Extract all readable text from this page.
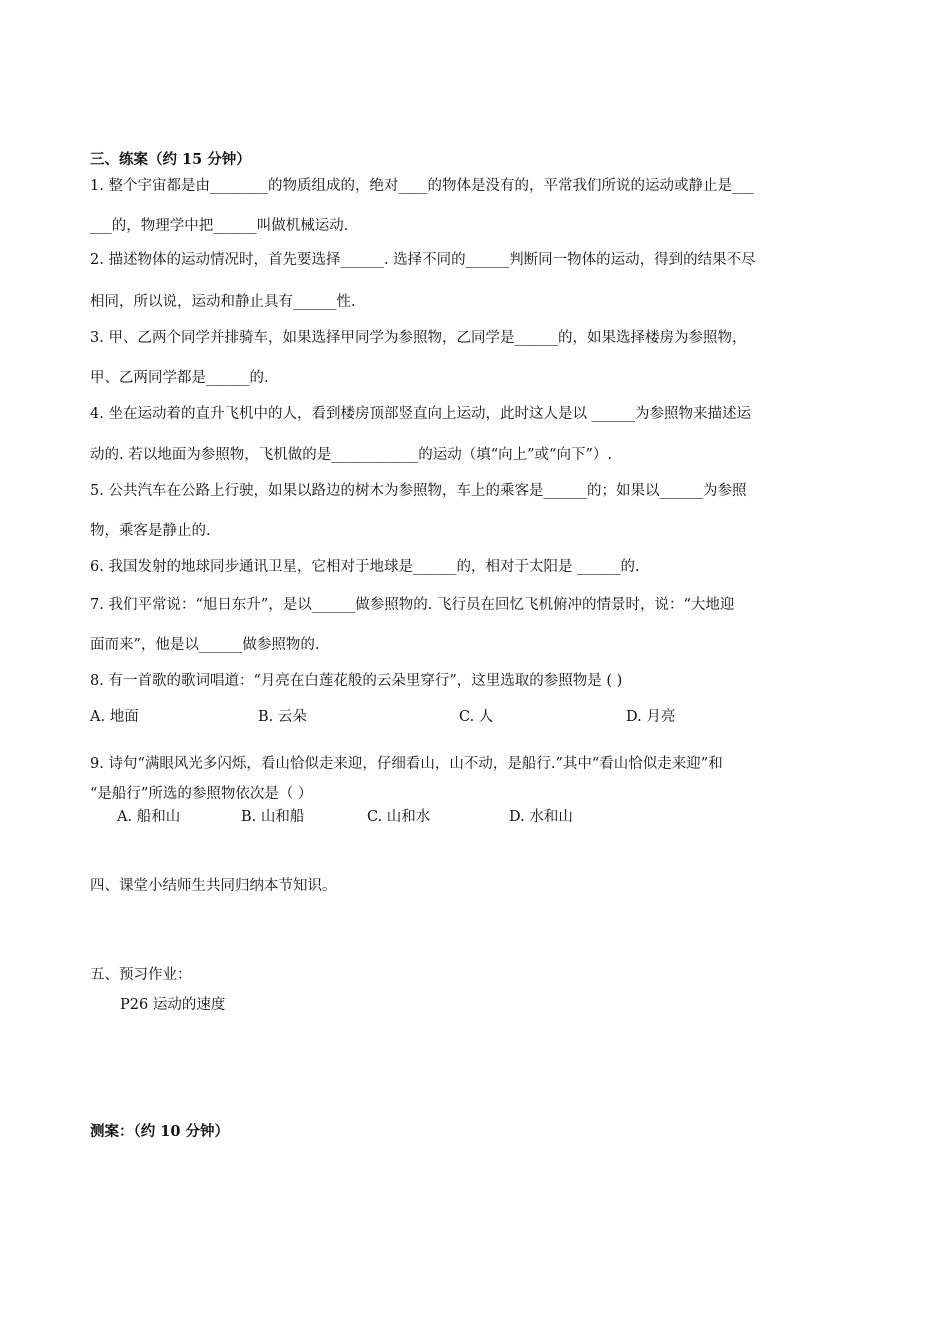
三、练案（约 15 分钟）
1. 整个宇宙都是由________的物质组成的，绝对____的物体是没有的，平常我们所说的运动或静止是___
___的，物理学中把______叫做机械运动.
2. 描述物体的运动情况时，首先要选择______. 选择不同的______判断同一物体的运动，得到的结果不尽
相同，所以说，运动和静止具有______性.
3. 甲、乙两个同学并排骑车，如果选择甲同学为参照物，乙同学是______的，如果选择楼房为参照物，
甲、乙两同学都是______的.
4. 坐在运动着的直升飞机中的人，看到楼房顶部竖直向上运动，此时这人是以 ______为参照物来描述运
动的. 若以地面为参照物，飞机做的是____________的运动（填“向上”或“向下”）.
5. 公共汽车在公路上行驶，如果以路边的树木为参照物，车上的乘客是______的；如果以______为参照
物，乘客是静止的.
6. 我国发射的地球同步通讯卫星，它相对于地球是______的，相对于太阳是 ______的.
7. 我们平常说：“旭日东升”，是以______做参照物的. 飞行员在回忆飞机俯冲的情景时，说：“大地迎
面而来”，他是以______做参照物的.
8. 有一首歌的歌词唱道：“月亮在白莲花般的云朵里穿行”，这里选取的参照物是 ( )
A. 地面	B. 云朵	C. 人	D. 月亮
9. 诗句“满眼风光多闪烁，看山恰似走来迎，仔细看山，山不动，是船行.”其中“看山恰似走来迎”和
“是船行”所选的参照物依次是（ ）
A. 船和山	B. 山和船	C. 山和水	D. 水和山
四、课堂小结师生共同归纳本节知识。
五、预习作业：
P26 运动的速度
测案：（约 10 分钟）
